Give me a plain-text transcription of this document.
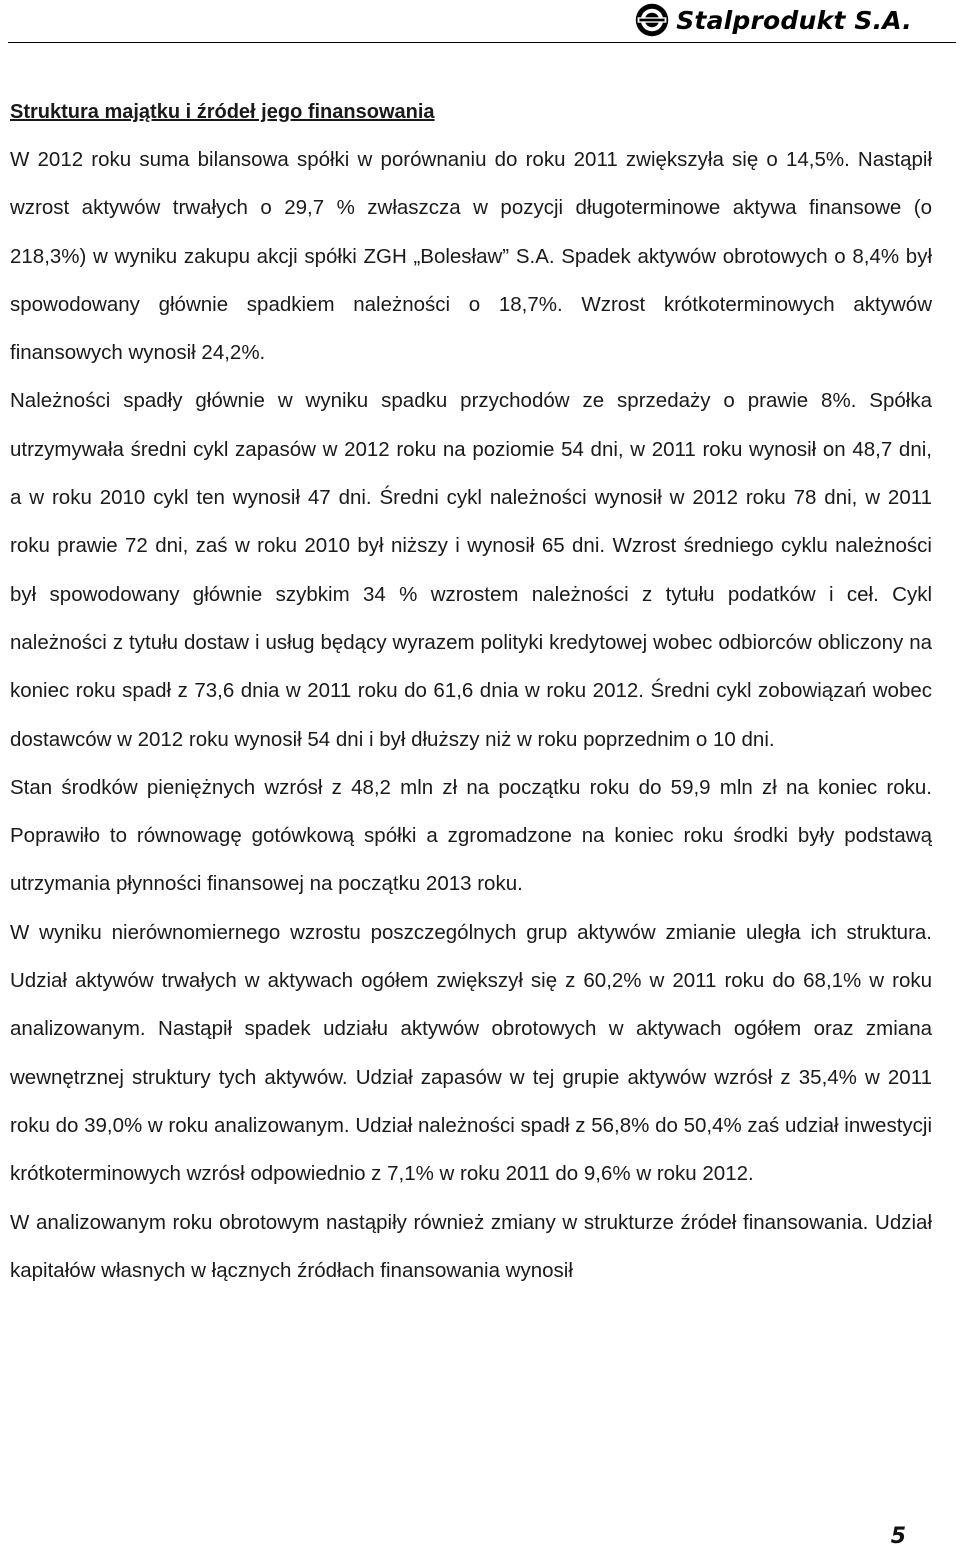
Stalprodukt S.A.

Struktura majątku i źródeł jego finansowania

W 2012 roku suma bilansowa spółki w porównaniu do roku 2011 zwiększyła się o 14,5%. Nastąpił wzrost aktywów trwałych o 29,7 % zwłaszcza w pozycji długoterminowe aktywa finansowe (o 218,3%) w wyniku zakupu akcji spółki ZGH „Bolesław” S.A. Spadek aktywów obrotowych o 8,4% był spowodowany głównie spadkiem należności o 18,7%. Wzrost krótkoterminowych aktywów finansowych wynosił 24,2%.

Należności spadły głównie w wyniku spadku przychodów ze sprzedaży o prawie 8%. Spółka utrzymywała średni cykl zapasów w 2012 roku na poziomie 54 dni, w 2011 roku wynosił on 48,7 dni, a w roku 2010 cykl ten wynosił 47 dni. Średni cykl należności wynosił w 2012 roku 78 dni, w 2011 roku prawie 72 dni, zaś w roku 2010 był niższy i wynosił 65 dni. Wzrost średniego cyklu należności był spowodowany głównie szybkim 34 % wzrostem należności z tytułu podatków i ceł. Cykl należności z tytułu dostaw i usług będący wyrazem polityki kredytowej wobec odbiorców obliczony na koniec roku spadł z 73,6 dnia w 2011 roku do 61,6 dnia w roku 2012. Średni cykl zobowiązań wobec dostawców w 2012 roku wynosił 54 dni i był dłuższy niż w roku poprzednim o 10 dni.

Stan środków pieniężnych wzrósł z 48,2 mln zł na początku roku do 59,9 mln zł na koniec roku. Poprawiło to równowagę gotówkową spółki a zgromadzone na koniec roku środki były podstawą utrzymania płynności finansowej na początku 2013 roku.

W wyniku nierównomiernego wzrostu poszczególnych grup aktywów zmianie uległa ich struktura. Udział aktywów trwałych w aktywach ogółem zwiększył się z 60,2% w 2011 roku do 68,1% w roku analizowanym. Nastąpił spadek udziału aktywów obrotowych w aktywach ogółem oraz zmiana wewnętrznej struktury tych aktywów. Udział zapasów w tej grupie aktywów wzrósł z 35,4% w 2011 roku do 39,0% w roku analizowanym. Udział należności spadł z 56,8% do 50,4% zaś udział inwestycji krótkoterminowych wzrósł odpowiednio z 7,1% w roku 2011 do 9,6% w roku 2012.

W analizowanym roku obrotowym nastąpiły również zmiany w strukturze źródeł finansowania. Udział kapitałów własnych w łącznych źródłach finansowania wynosił

5
